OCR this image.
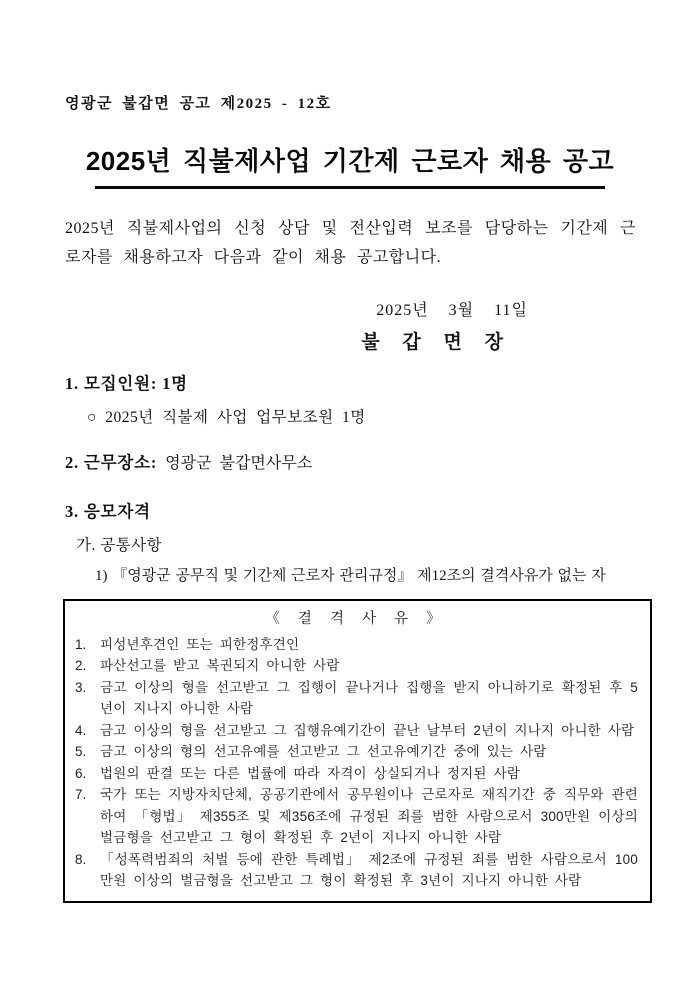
영광군 불갑면 공고 제2025 - 12호
2025년 직불제사업 기간제 근로자 채용 공고
2025년 직불제사업의 신청 상담 및 전산입력 보조를 담당하는 기간제 근로자를 채용하고자 다음과 같이 채용 공고합니다.
2025년    3월    11일
불 갑 면 장
1. 모집인원: 1명
○ 2025년 직불제 사업 업무보조원 1명
2. 근무장소: 영광군 불갑면사무소
3. 응모자격
가. 공통사항
1) 『영광군 공무직 및 기간제 근로자 관리규정』 제12조의 결격사유가 없는 자
《 결 격 사 유 》
1.	피성년후견인 또는 피한정후견인
2.	파산선고를 받고 복권되지 아니한 사람
3.	금고 이상의 형을 선고받고 그 집행이 끝나거나 집행을 받지 아니하기로 확정된 후 5년이 지나지 아니한 사람
4.	금고 이상의 형을 선고받고 그 집행유예기간이 끝난 날부터 2년이 지나지 아니한 사람
5.	금고 이상의 형의 선고유예를 선고받고 그 선고유예기간 중에 있는 사람
6.	법원의 판결 또는 다른 법률에 따라 자격이 상실되거나 정지된 사람
7.	국가 또는 지방자치단체, 공공기관에서 공무원이나 근로자로 재직기간 중 직무와 관련하여 「형법」 제355조 및 제356조에 규정된 죄를 범한 사람으로서 300만원 이상의 벌금형을 선고받고 그 형이 확정된 후 2년이 지나지 아니한 사람
8.	「성폭력범죄의 처벌 등에 관한 특례법」 제2조에 규정된 죄를 범한 사람으로서 100만원 이상의 벌금형을 선고받고 그 형이 확정된 후 3년이 지나지 아니한 사람
